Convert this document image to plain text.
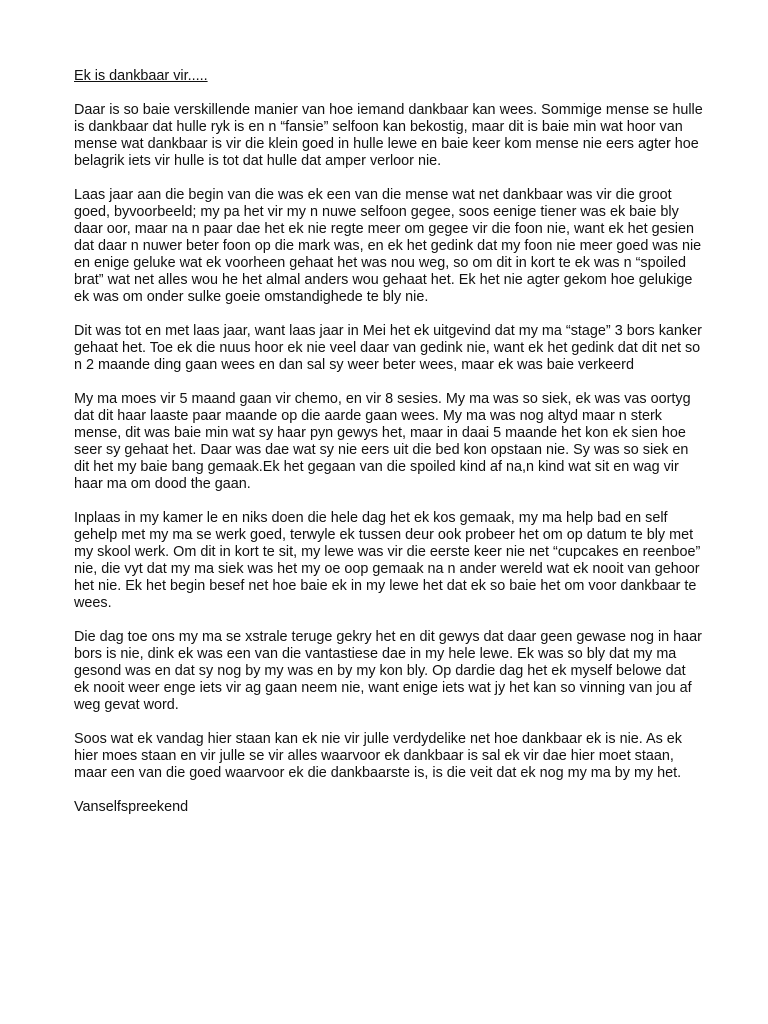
Ek is dankbaar vir.....

Daar is so baie verskillende manier van hoe iemand dankbaar kan wees. Sommige mense se hulle is dankbaar dat hulle ryk is en n “fansie” selfoon kan bekostig, maar dit is baie min wat hoor van mense wat dankbaar is vir die klein goed in hulle lewe en baie keer kom mense nie eers agter hoe belagrik iets vir hulle is tot dat hulle dat amper verloor nie.

Laas jaar aan die begin van die was ek een van die mense wat net dankbaar was vir die groot goed, byvoorbeeld; my pa het vir my n nuwe selfoon gegee, soos eenige tiener was ek baie bly daar oor, maar na n paar dae het ek nie regte meer om gegee vir die foon nie, want ek het gesien dat daar n nuwer beter foon op die mark was, en ek het gedink dat my foon nie meer goed was nie en enige geluke wat ek voorheen gehaat het was nou weg, so om dit in kort te ek was n “spoiled brat” wat net alles wou he het almal anders wou gehaat het. Ek het nie agter gekom hoe gelukige ek was om onder sulke goeie omstandighede te bly nie.

Dit was tot en met laas jaar, want laas jaar in Mei het ek uitgevind dat my ma “stage” 3 bors kanker gehaat het. Toe ek die nuus hoor ek nie veel daar van gedink nie, want ek het gedink dat dit net so n 2 maande ding gaan wees en dan sal sy weer beter wees, maar ek was baie verkeerd

My ma moes vir 5 maand gaan vir chemo, en vir 8 sesies. My ma was so siek, ek was vas oortyg dat dit haar laaste paar maande op die aarde gaan wees. My ma was nog altyd maar n sterk mense, dit was baie min wat sy haar pyn gewys het, maar in daai 5 maande het kon ek sien hoe seer sy gehaat het. Daar was dae wat sy nie eers uit die bed kon opstaan nie. Sy was so siek en dit het my baie bang gemaak.Ek het gegaan van die spoiled kind af na,n kind wat sit en wag vir haar ma om dood the gaan.

Inplaas in my kamer le en niks doen die hele dag het ek kos gemaak, my ma help bad en self gehelp met my ma se werk goed, terwyle ek tussen deur ook probeer het om op datum te bly met my skool werk. Om dit in kort te sit, my lewe was vir die eerste keer nie net “cupcakes en reenboe” nie, die vyt dat my ma siek was het my oe oop gemaak na n ander wereld wat ek nooit van gehoor het nie. Ek het begin besef net hoe baie ek in my lewe het dat ek so baie het om voor dankbaar te wees.

Die dag toe ons my ma se xstrale teruge gekry het en dit gewys dat daar geen gewase nog in haar bors is nie, dink ek was een van die vantastiese dae in my hele lewe. Ek was so bly dat my ma gesond was en dat sy nog by my was en by my kon bly. Op dardie dag het ek myself belowe dat ek nooit weer enge iets vir ag gaan neem nie, want enige iets wat jy het kan so vinning van jou af weg gevat word.

Soos wat ek vandag hier staan kan ek nie vir julle verdydelike net hoe dankbaar ek is nie. As ek hier moes staan en vir julle se vir alles waarvoor ek dankbaar is sal ek vir dae hier moet staan, maar een van die goed waarvoor ek die dankbaarste is, is die veit dat ek nog my ma by my het.

Vanselfspreekend
